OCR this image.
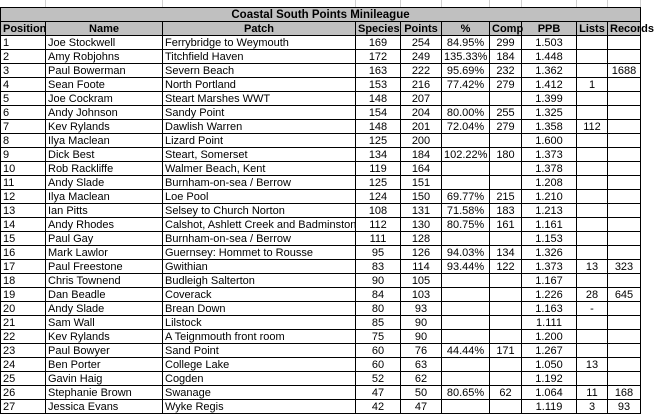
Coastal South Points Minileague									
Position	Name	Patch	Species	Points	%	Comp	PPB	Lists	Records
1	Joe Stockwell	Ferrybridge to Weymouth	169	254	84.95%	299	1.503		
2	Amy Robjohns	Titchfield Haven	172	249	135.33%	184	1.448		
3	Paul Bowerman	Severn Beach	163	222	95.69%	232	1.362		1688
4	Sean Foote	North Portland	153	216	77.42%	279	1.412	1	
5	Joe Cockram	Steart Marshes WWT	148	207			1.399		
6	Andy Johnson	Sandy Point	154	204	80.00%	255	1.325		
7	Kev Rylands	Dawlish Warren	148	201	72.04%	279	1.358	112	
8	Ilya Maclean	Lizard Point	125	200			1.600		
9	Dick Best	Steart, Somerset	134	184	102.22%	180	1.373		
10	Rob Rackliffe	Walmer Beach, Kent	119	164			1.378		
11	Andy Slade	Burnham-on-sea / Berrow	125	151			1.208		
12	Ilya Maclean	Loe Pool	124	150	69.77%	215	1.210		
13	Ian Pitts	Selsey to Church Norton	108	131	71.58%	183	1.213		
14	Andy Rhodes	Calshot, Ashlett Creek and Badminston	112	130	80.75%	161	1.161		
15	Paul Gay	Burnham-on-sea / Berrow	111	128			1.153		
16	Mark Lawlor	Guernsey: Hommet to Rousse	95	126	94.03%	134	1.326		
17	Paul Freestone	Gwithian	83	114	93.44%	122	1.373	13	323
18	Chris Townend	Budleigh Salterton	90	105			1.167		
19	Dan Beadle	Coverack	84	103			1.226	28	645
20	Andy Slade	Brean Down	80	93			1.163	-	
21	Sam Wall	Lilstock	85	90			1.111		
22	Kev Rylands	A Teignmouth front room	75	90			1.200		
23	Paul Bowyer	Sand Point	60	76	44.44%	171	1.267		
24	Ben Porter	College Lake	60	63			1.050	13	
25	Gavin Haig	Cogden	52	62			1.192		
26	Stephanie Brown	Swanage	47	50	80.65%	62	1.064	11	168
27	Jessica Evans	Wyke Regis	42	47			1.119	3	93
